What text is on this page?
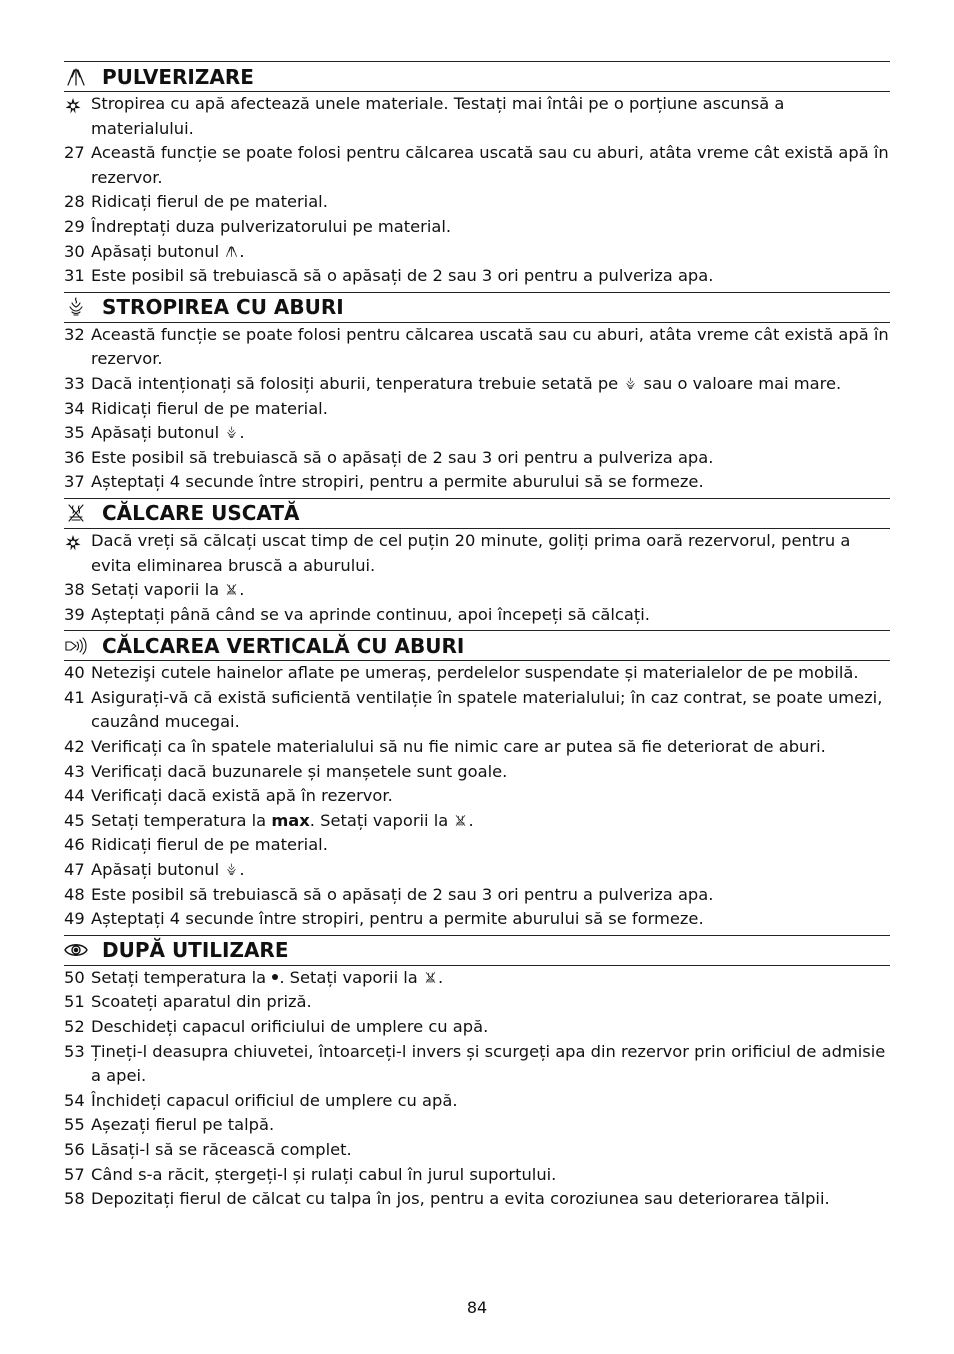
PULVERIZARE
Stropirea cu apă afectează unele materiale. Testați mai întâi pe o porțiune ascunsă a materialului.
27 Această funcție se poate folosi pentru călcarea uscată sau cu aburi, atâta vreme cât există apă în rezervor.
28 Ridicați fierul de pe material.
29 Îndreptați duza pulverizatorului pe material.
30 Apăsați butonul .
31 Este posibil să trebuiască să o apăsați de 2 sau 3 ori pentru a pulveriza apa.
STROPIREA CU ABURI
32 Această funcție se poate folosi pentru călcarea uscată sau cu aburi, atâta vreme cât există apă în rezervor.
33 Dacă intenționați să folosiți aburii, tenperatura trebuie setată pe  sau o valoare mai mare.
34 Ridicați fierul de pe material.
35 Apăsați butonul .
36 Este posibil să trebuiască să o apăsați de 2 sau 3 ori pentru a pulveriza apa.
37 Așteptați 4 secunde între stropiri, pentru a permite aburului să se formeze.
CĂLCARE USCATĂ
Dacă vreți să călcați uscat timp de cel puțin 20 minute, goliți prima oară rezervorul, pentru a evita eliminarea bruscă a aburului.
38 Setați vaporii la .
39 Așteptați până când se va aprinde continuu, apoi începeți să călcați.
CĂLCAREA VERTICALĂ CU ABURI
40 Netezişi cutele hainelor aflate pe umeraș, perdelelor suspendate și materialelor de pe mobilă.
41 Asigurați-vă că există suficientă ventilație în spatele materialului; în caz contrat, se poate umezi, cauzând mucegai.
42 Verificați ca în spatele materialului să nu fie nimic care ar putea să fie deteriorat de aburi.
43 Verificați dacă buzunarele și manșetele sunt goale.
44 Verificați dacă există apă în rezervor.
45 Setați temperatura la max. Setați vaporii la .
46 Ridicați fierul de pe material.
47 Apăsați butonul .
48 Este posibil să trebuiască să o apăsați de 2 sau 3 ori pentru a pulveriza apa.
49 Așteptați 4 secunde între stropiri, pentru a permite aburului să se formeze.
DUPĂ UTILIZARE
50 Setați temperatura la . Setați vaporii la .
51 Scoateți aparatul din priză.
52 Deschideți capacul orificiului de umplere cu apă.
53 Țineți-l deasupra chiuvetei, întoarceți-l invers și scurgeți apa din rezervor prin orificiul de admisie a apei.
54 Închideți capacul orificiul de umplere cu apă.
55 Așezați fierul pe talpă.
56 Lăsați-l să se răcească complet.
57 Când s-a răcit, ștergeți-l și rulați cabul în jurul suportului.
58 Depozitați fierul de călcat cu talpa în jos, pentru a evita coroziunea sau deteriorarea tălpii.
84
